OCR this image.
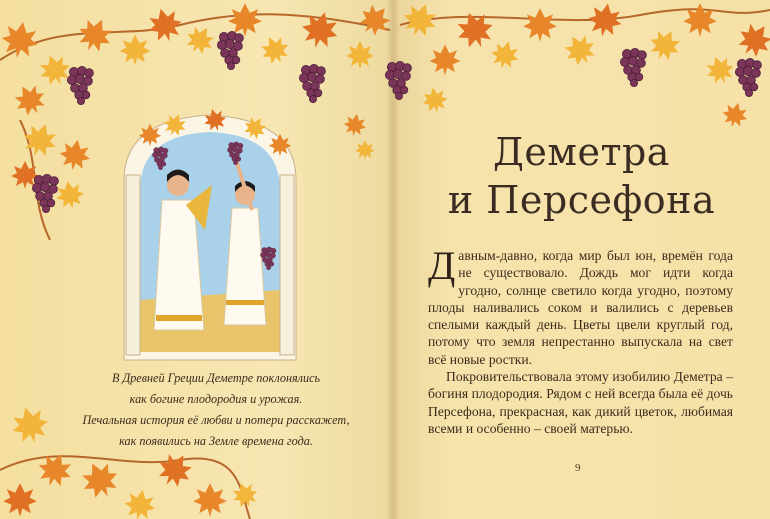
В Древней Греции Деметре поклонялись
как богине плодородия и урожая.
Печальная история её любви и потери расскажет,
как появились на Земле времена года.
Деметра
и Персефона

Давным-давно, когда мир был юн, времён года не существовало. Дождь мог идти когда угодно, солнце светило когда угодно, поэтому плоды наливались соком и валились с деревьев спелыми каждый день. Цветы цвели круглый год, потому что земля непрестанно выпускала на свет всё новые ростки.

Покровительствовала этому изобилию Деметра – богиня плодородия. Рядом с ней всегда была её дочь Персефона, прекрасная, как дикий цветок, любимая всеми и особенно – своей матерью.

9
